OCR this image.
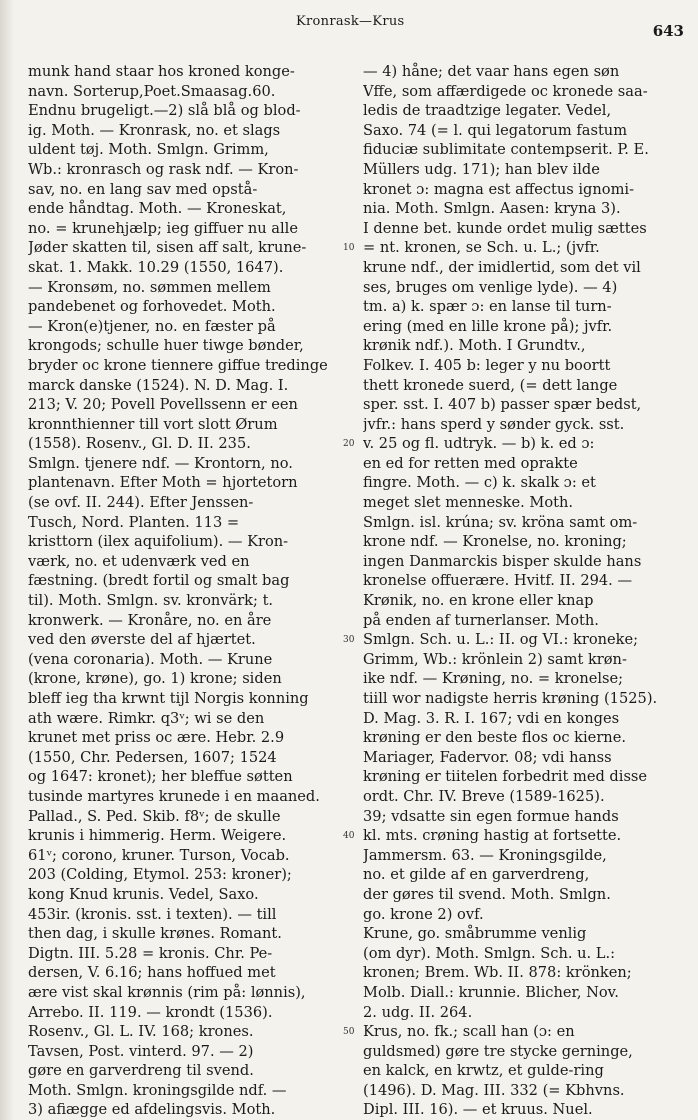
Kronrask—Krus
643
munk hand staar hos kroned konge-
navn. Sorterup,Poet.Smaasag.60.
Endnu brugeligt.—2) slå blå og blod-
ig. Moth. — Kronrask, no. et slags
uldent tøj. Moth. Smlgn. Grimm,
Wb.: kronrasch og rask ndf. — Kron-
sav, no. en lang sav med opstå-
ende håndtag. Moth. — Kroneskat,
no. = krunehjælp; ieg giffuer nu alle
Jøder skatten til, sisen aff salt, krune-
skat. 1. Makk. 10.29 (1550, 1647).
— Kronsøm, no. sømmen mellem
pandebenet og forhovedet. Moth.
— Kron(e)tjener, no. en fæster på
krongods; schulle huer tiwge bønder,
bryder oc krone tiennere giffue tredinge
marck danske (1524). N. D. Mag. I.
213; V. 20; Povell Povellssenn er een
kronnthienner till vort slott Ørum
(1558). Rosenv., Gl. D. II. 235.
Smlgn. tjenere ndf. — Krontorn, no.
plantenavn. Efter Moth = hjortetorn
(se ovf. II. 244). Efter Jenssen-
Tusch, Nord. Planten. 113 =
kristtorn (ilex aquifolium). — Kron-
værk, no. et udenværk ved en
fæstning. (bredt fortil og smalt bag
til). Moth. Smlgn. sv. kronvärk; t.
kronwerk. — Kronåre, no. en åre
ved den øverste del af hjærtet.
(vena coronaria). Moth. — Krune
(krone, krøne), go. 1) krone; siden
bleff ieg tha krwnt tijl Norgis konning
ath wære. Rimkr. q3ᵛ; wi se den
krunet met priss oc ære. Hebr. 2.9
(1550, Chr. Pedersen, 1607; 1524
og 1647: kronet); her bleffue søtten
tusinde martyres krunede i en maaned.
Pallad., S. Ped. Skib. f8ᵛ; de skulle
krunis i himmerig. Herm. Weigere.
61ᵛ; corono, kruner. Turson, Vocab.
203 (Colding, Etymol. 253: kroner);
kong Knud krunis. Vedel, Saxo.
453ir. (kronis. sst. i texten). — till
then dag, i skulle krønes. Romant.
Digtn. III. 5.28 = kronis. Chr. Pe-
dersen, V. 6.16; hans hoffued met
ære vist skal krønnis (rim på: lønnis),
Arrebo. II. 119. — krondt (1536).
Rosenv., Gl. L. IV. 168; krones.
Tavsen, Post. vinterd. 97. — 2)
gøre en garverdreng til svend.
Moth. Smlgn. kroningsgilde ndf. —
3) afiægge ed afdelingsvis. Moth.
— 4) håne; det vaar hans egen søn
Vffe, som affærdigede oc kronede saa-
ledis de traadtzige legater. Vedel,
Saxo. 74 (= l. qui legatorum fastum
fiduciæ sublimitate contempserit. P. E.
Müllers udg. 171); han blev ilde
kronet ɔ: magna est affectus ignomi-
nia. Moth. Smlgn. Aasen: kryna 3).
I denne bet. kunde ordet mulig sættes
= nt. kronen, se Sch. u. L.; (jvfr.
krune ndf., der imidlertid, som det vil
ses, bruges om venlige lyde). — 4)
tm. a) k. spær ɔ: en lanse til turn-
ering (med en lille krone på); jvfr.
krønik ndf.). Moth. I Grundtv.,
Folkev. I. 405 b: leger y nu boortt
thett kronede suerd, (= dett lange
sper. sst. I. 407 b) passer spær bedst,
jvfr.: hans sperd y sønder gyck. sst.
v. 25 og fl. udtryk. — b) k. ed ɔ:
en ed for retten med oprakte
fingre. Moth. — c) k. skalk ɔ: et
meget slet menneske. Moth.
Smlgn. isl. krúna; sv. kröna samt om-
krone ndf. — Kronelse, no. kroning;
ingen Danmarckis bisper skulde hans
kronelse offuerære. Hvitf. II. 294. —
Krønik, no. en krone eller knap
på enden af turnerlanser. Moth.
Smlgn. Sch. u. L.: II. og VI.: kroneke;
Grimm, Wb.: krönlein 2) samt krøn-
ike ndf. — Krøning, no. = kronelse;
tiill wor nadigste herris krøning (1525).
D. Mag. 3. R. I. 167; vdi en konges
krøning er den beste flos oc kierne.
Mariager, Fadervor. 08; vdi hanss
krøning er tiitelen forbedrit med disse
ordt. Chr. IV. Breve (1589-1625).
39; vdsatte sin egen formue hands
kl. mts. crøning hastig at fortsette.
Jammersm. 63. — Kroningsgilde,
no. et gilde af en garverdreng,
der gøres til svend. Moth. Smlgn.
go. krone 2) ovf.
Krune, go. småbrumme venlig
(om dyr). Moth. Smlgn. Sch. u. L.:
kronen; Brem. Wb. II. 878: krönken;
Molb. Diall.: krunnie. Blicher, Nov.
2. udg. II. 264.
Krus, no. fk.; scall han (ɔ: en
guldsmed) gøre tre stycke gerninge,
en kalck, en krwtz, et gulde-ring
(1496). D. Mag. III. 332 (= Kbhvns.
Dipl. III. 16). — et kruus. Nuel.
10
20
30
40
50
